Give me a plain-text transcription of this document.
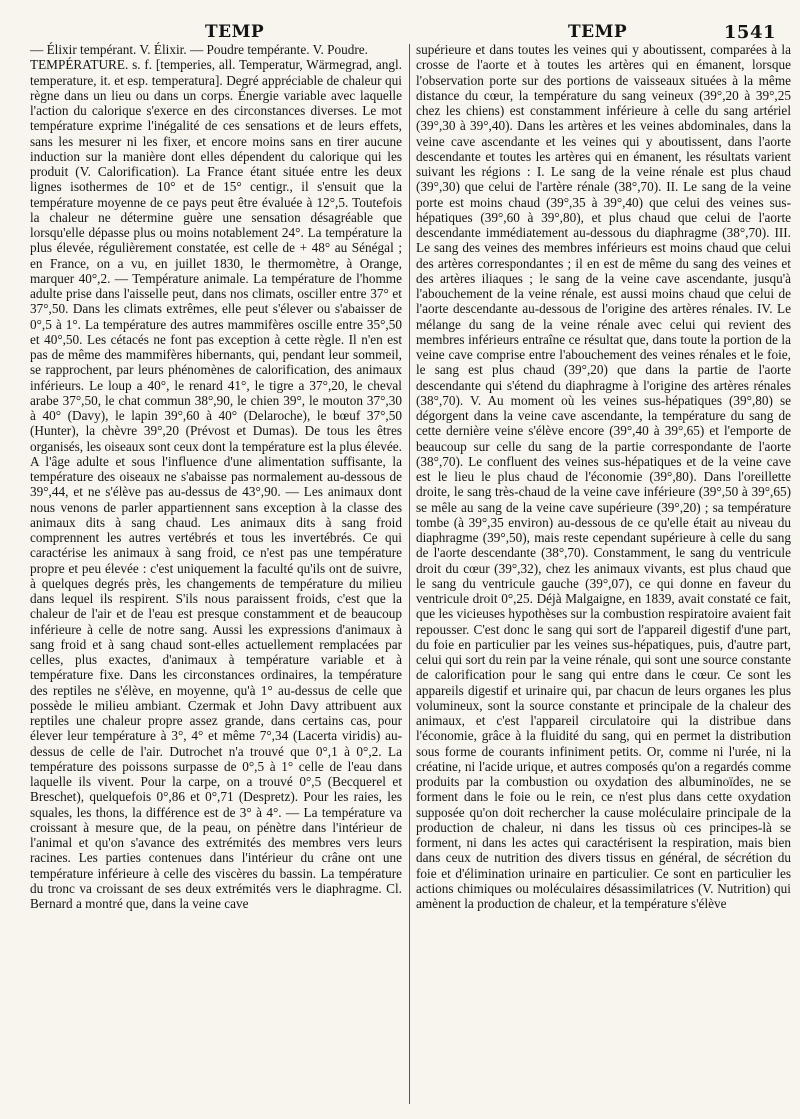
TEMP	TEMP	1541

— Élixir tempérant. V. Élixir. — Poudre tempérante. V. Poudre.

TEMPÉRATURE. s. f. [temperies, all. Temperatur, Wärmegrad, angl. temperature, it. et esp. temperatura]. Degré appréciable de chaleur qui règne dans un lieu ou dans un corps. Énergie variable avec laquelle l'action du calorique s'exerce en des circonstances diverses. Le mot température exprime l'inégalité de ces sensations et de leurs effets, sans les mesurer ni les fixer, et encore moins sans en tirer aucune induction sur la manière dont elles dépendent du calorique qui les produit (V. Calorification). La France étant située entre les deux lignes isothermes de 10° et de 15° centigr., il s'ensuit que la température moyenne de ce pays peut être évaluée à 12°,5. Toutefois la chaleur ne détermine guère une sensation désagréable que lorsqu'elle dépasse plus ou moins notablement 24°. La température la plus élevée, régulièrement constatée, est celle de + 48° au Sénégal ; en France, on a vu, en juillet 1830, le thermomètre, à Orange, marquer 40°,2. — Température animale. La température de l'homme adulte prise dans l'aisselle peut, dans nos climats, osciller entre 37° et 37°,50. Dans les climats extrêmes, elle peut s'élever ou s'abaisser de 0°,5 à 1°. La température des autres mammifères oscille entre 35°,50 et 40°,50. Les cétacés ne font pas exception à cette règle. Il n'en est pas de même des mammifères hibernants, qui, pendant leur sommeil, se rapprochent, par leurs phénomènes de calorification, des animaux inférieurs. Le loup a 40°, le renard 41°, le tigre a 37°,20, le cheval arabe 37°,50, le chat commun 38°,90, le chien 39°, le mouton 37°,30 à 40° (Davy), le lapin 39°,60 à 40° (Delaroche), le bœuf 37°,50 (Hunter), la chèvre 39°,20 (Prévost et Dumas). De tous les êtres organisés, les oiseaux sont ceux dont la température est la plus élevée. A l'âge adulte et sous l'influence d'une alimentation suffisante, la température des oiseaux ne s'abaisse pas normalement au-dessous de 39°,44, et ne s'élève pas au-dessus de 43°,90. — Les animaux dont nous venons de parler appartiennent sans exception à la classe des animaux dits à sang chaud. Les animaux dits à sang froid comprennent les autres vertébrés et tous les invertébrés. Ce qui caractérise les animaux à sang froid, ce n'est pas une température propre et peu élevée : c'est uniquement la faculté qu'ils ont de suivre, à quelques degrés près, les changements de température du milieu dans lequel ils respirent. S'ils nous paraissent froids, c'est que la chaleur de l'air et de l'eau est presque constamment et de beaucoup inférieure à celle de notre sang. Aussi les expressions d'animaux à sang froid et à sang chaud sont-elles actuellement remplacées par celles, plus exactes, d'animaux à température variable et à température fixe. Dans les circonstances ordinaires, la température des reptiles ne s'élève, en moyenne, qu'à 1° au-dessus de celle que possède le milieu ambiant. Czermak et John Davy attribuent aux reptiles une chaleur propre assez grande, dans certains cas, pour élever leur température à 3°, 4° et même 7°,34 (Lacerta viridis) au-dessus de celle de l'air. Dutrochet n'a trouvé que 0°,1 à 0°,2. La température des poissons surpasse de 0°,5 à 1° celle de l'eau dans laquelle ils vivent. Pour la carpe, on a trouvé 0°,5 (Becquerel et Breschet), quelquefois 0°,86 et 0°,71 (Despretz). Pour les raies, les squales, les thons, la différence est de 3° à 4°. — La température va croissant à mesure que, de la peau, on pénètre dans l'intérieur de l'animal et qu'on s'avance des extrémités des membres vers leurs racines. Les parties contenues dans l'intérieur du crâne ont une température inférieure à celle des viscères du bassin. La température du tronc va croissant de ses deux extrémités vers le diaphragme. Cl. Bernard a montré que, dans la veine cave

supérieure et dans toutes les veines qui y aboutissent, comparées à la crosse de l'aorte et à toutes les artères qui en émanent, lorsque l'observation porte sur des portions de vaisseaux situées à la même distance du cœur, la température du sang veineux (39°,20 à 39°,25 chez les chiens) est constamment inférieure à celle du sang artériel (39°,30 à 39°,40). Dans les artères et les veines abdominales, dans la veine cave ascendante et les veines qui y aboutissent, dans l'aorte descendante et toutes les artères qui en émanent, les résultats varient suivant les régions : I. Le sang de la veine rénale est plus chaud (39°,30) que celui de l'artère rénale (38°,70). II. Le sang de la veine porte est moins chaud (39°,35 à 39°,40) que celui des veines sus-hépatiques (39°,60 à 39°,80), et plus chaud que celui de l'aorte descendante immédiatement au-dessous du diaphragme (38°,70). III. Le sang des veines des membres inférieurs est moins chaud que celui des artères correspondantes ; il en est de même du sang des veines et des artères iliaques ; le sang de la veine cave ascendante, jusqu'à l'abouchement de la veine rénale, est aussi moins chaud que celui de l'aorte descendante au-dessous de l'origine des artères rénales. IV. Le mélange du sang de la veine rénale avec celui qui revient des membres inférieurs entraîne ce résultat que, dans toute la portion de la veine cave comprise entre l'abouchement des veines rénales et le foie, le sang est plus chaud (39°,20) que dans la partie de l'aorte descendante qui s'étend du diaphragme à l'origine des artères rénales (38°,70). V. Au moment où les veines sus-hépatiques (39°,80) se dégorgent dans la veine cave ascendante, la température du sang de cette dernière veine s'élève encore (39°,40 à 39°,65) et l'emporte de beaucoup sur celle du sang de la partie correspondante de l'aorte (38°,70). Le confluent des veines sus-hépatiques et de la veine cave est le lieu le plus chaud de l'économie (39°,80). Dans l'oreillette droite, le sang très-chaud de la veine cave inférieure (39°,50 à 39°,65) se mêle au sang de la veine cave supérieure (39°,20) ; sa température tombe (à 39°,35 environ) au-dessous de ce qu'elle était au niveau du diaphragme (39°,50), mais reste cependant supérieure à celle du sang de l'aorte descendante (38°,70). Constamment, le sang du ventricule droit du cœur (39°,32), chez les animaux vivants, est plus chaud que le sang du ventricule gauche (39°,07), ce qui donne en faveur du ventricule droit 0°,25. Déjà Malgaigne, en 1839, avait constaté ce fait, que les vicieuses hypothèses sur la combustion respiratoire avaient fait repousser. C'est donc le sang qui sort de l'appareil digestif d'une part, du foie en particulier par les veines sus-hépatiques, puis, d'autre part, celui qui sort du rein par la veine rénale, qui sont une source constante de calorification pour le sang qui entre dans le cœur. Ce sont les appareils digestif et urinaire qui, par chacun de leurs organes les plus volumineux, sont la source constante et principale de la chaleur des animaux, et c'est l'appareil circulatoire qui la distribue dans l'économie, grâce à la fluidité du sang, qui en permet la distribution sous forme de courants infiniment petits. Or, comme ni l'urée, ni la créatine, ni l'acide urique, et autres composés qu'on a regardés comme produits par la combustion ou oxydation des albuminoïdes, ne se forment dans le foie ou le rein, ce n'est plus dans cette oxydation supposée qu'on doit rechercher la cause moléculaire principale de la production de chaleur, ni dans les tissus où ces principes-là se forment, ni dans les actes qui caractérisent la respiration, mais bien dans ceux de nutrition des divers tissus en général, de sécrétion du foie et d'élimination urinaire en particulier. Ce sont en particulier les actions chimiques ou moléculaires désassimilatrices (V. Nutrition) qui amènent la production de chaleur, et la température s'élève
